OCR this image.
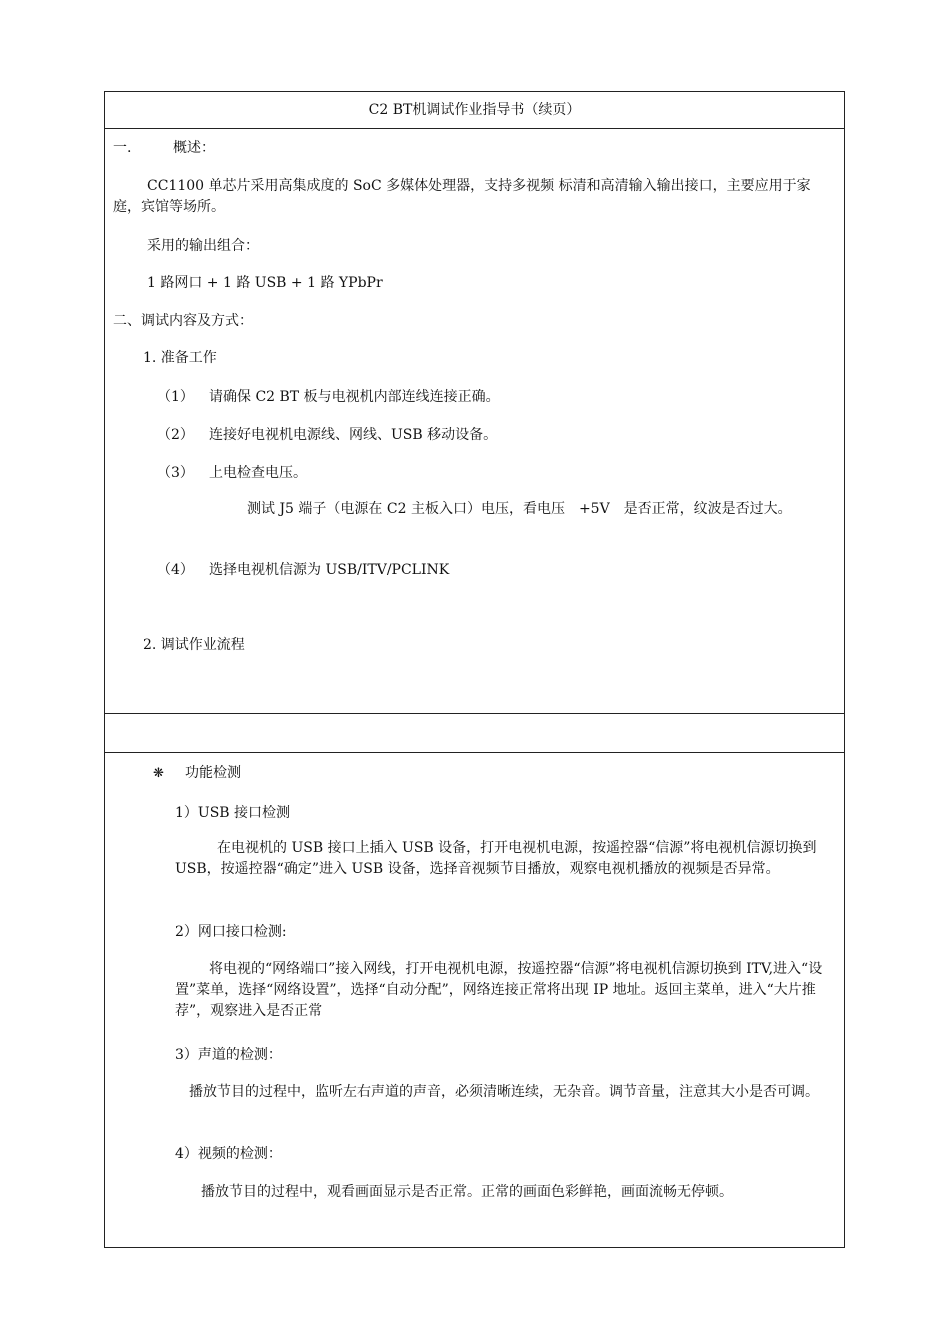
C2 BT机调试作业指导书（续页）
一.	概述：
CC1100 单芯片采用高集成度的 SoC 多媒体处理器，支持多视频 标清和高清输入输出接口，主要应用于家庭，宾馆等场所。
采用的输出组合：
1 路网口 + 1 路 USB + 1 路 YPbPr
二、调试内容及方式：
1. 准备工作
（1） 请确保 C2 BT 板与电视机内部连线连接正确。
（2） 连接好电视机电源线、网线、USB 移动设备。
（3） 上电检查电压。
测试 J5 端子（电源在 C2 主板入口）电压，看电压　+5V　是否正常，纹波是否过大。
（4） 选择电视机信源为 USB/ITV/PCLINK
2. 调试作业流程
❋ 功能检测
1）USB 接口检测
在电视机的 USB 接口上插入 USB 设备，打开电视机电源，按遥控器“信源”将电视机信源切换到 USB，按遥控器“确定”进入 USB 设备，选择音视频节目播放，观察电视机播放的视频是否异常。
2）网口接口检测:
将电视的“网络端口”接入网线，打开电视机电源，按遥控器“信源”将电视机信源切换到 ITV,进入“设置”菜单，选择“网络设置”，选择“自动分配”，网络连接正常将出现 IP 地址。返回主菜单，进入“大片推荐”，观察进入是否正常
3）声道的检测：
播放节目的过程中，监听左右声道的声音，必须清晰连续，无杂音。调节音量，注意其大小是否可调。
4）视频的检测：
播放节目的过程中，观看画面显示是否正常。正常的画面色彩鲜艳，画面流畅无停顿。
